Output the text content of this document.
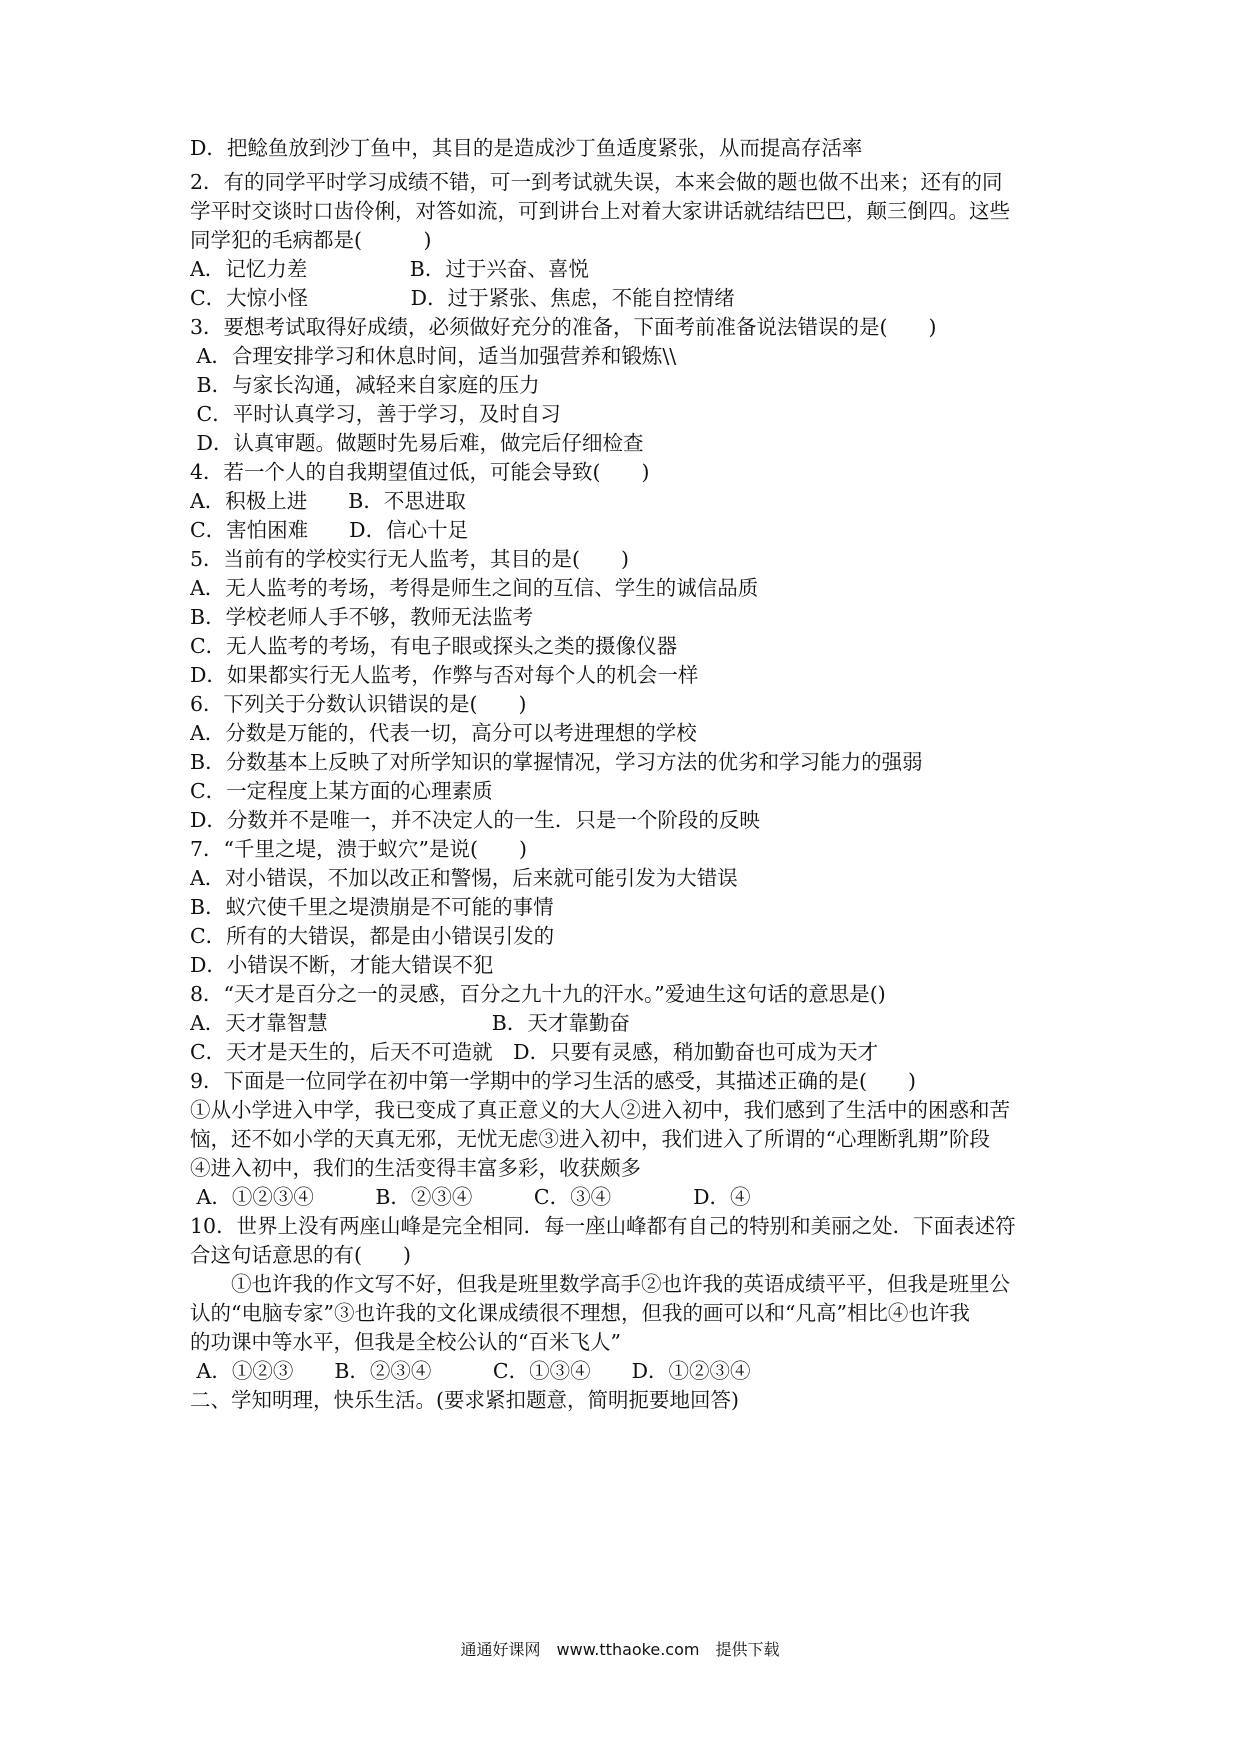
D．把鲶鱼放到沙丁鱼中，其目的是造成沙丁鱼适度紧张，从而提高存活率
2．有的同学平时学习成绩不错，可一到考试就失误，本来会做的题也做不出来；还有的同
学平时交谈时口齿伶俐，对答如流，可到讲台上对着大家讲话就结结巴巴，颠三倒四。这些
同学犯的毛病都是(　　　)
A．记忆力差　　　　　B．过于兴奋、喜悦
C．大惊小怪　　　　　D．过于紧张、焦虑，不能自控情绪
3．要想考试取得好成绩，必须做好充分的准备，下面考前准备说法错误的是(　　)
A．合理安排学习和休息时间，适当加强营养和锻炼\\
B．与家长沟通，减轻来自家庭的压力
C．平时认真学习，善于学习，及时自习
D．认真审题。做题时先易后难，做完后仔细检查
4．若一个人的自我期望值过低，可能会导致(　　)
A．积极上进　　B．不思进取
C．害怕困难　　D．信心十足
5．当前有的学校实行无人监考，其目的是(　　)
A．无人监考的考场，考得是师生之间的互信、学生的诚信品质
B．学校老师人手不够，教师无法监考
C．无人监考的考场，有电子眼或探头之类的摄像仪器
D．如果都实行无人监考，作弊与否对每个人的机会一样
6．下列关于分数认识错误的是(　　)
A．分数是万能的，代表一切，高分可以考进理想的学校
B．分数基本上反映了对所学知识的掌握情况，学习方法的优劣和学习能力的强弱
C．一定程度上某方面的心理素质
D．分数并不是唯一，并不决定人的一生．只是一个阶段的反映
7．“千里之堤，溃于蚁穴”是说(　　)
A．对小错误，不加以改正和警惕，后来就可能引发为大错误
B．蚁穴使千里之堤溃崩是不可能的事情
C．所有的大错误，都是由小错误引发的
D．小错误不断，才能大错误不犯
8．“天才是百分之一的灵感，百分之九十九的汗水。”爱迪生这句话的意思是()
A．天才靠智慧　　　　　　　　B．天才靠勤奋
C．天才是天生的，后天不可造就　D．只要有灵感，稍加勤奋也可成为天才
9．下面是一位同学在初中第一学期中的学习生活的感受，其描述正确的是(　　)
①从小学进入中学，我已变成了真正意义的大人②进入初中，我们感到了生活中的困惑和苦
恼，还不如小学的天真无邪，无忧无虑③进入初中，我们进入了所谓的“心理断乳期”阶段
④进入初中，我们的生活变得丰富多彩，收获颇多
A．①②③④　　　B．②③④　　　C．③④　　　　D．④
10．世界上没有两座山峰是完全相同．每一座山峰都有自己的特别和美丽之处．下面表述符
合这句话意思的有(　　)
　　①也许我的作文写不好，但我是班里数学高手②也许我的英语成绩平平，但我是班里公
认的“电脑专家”③也许我的文化课成绩很不理想，但我的画可以和“凡高”相比④也许我
的功课中等水平，但我是全校公认的“百米飞人”
A．①②③　　B．②③④　　　C．①③④　　D．①②③④
二、学知明理，快乐生活。(要求紧扣题意，简明扼要地回答)
通通好课网　www.tthaoke.com　提供下载
